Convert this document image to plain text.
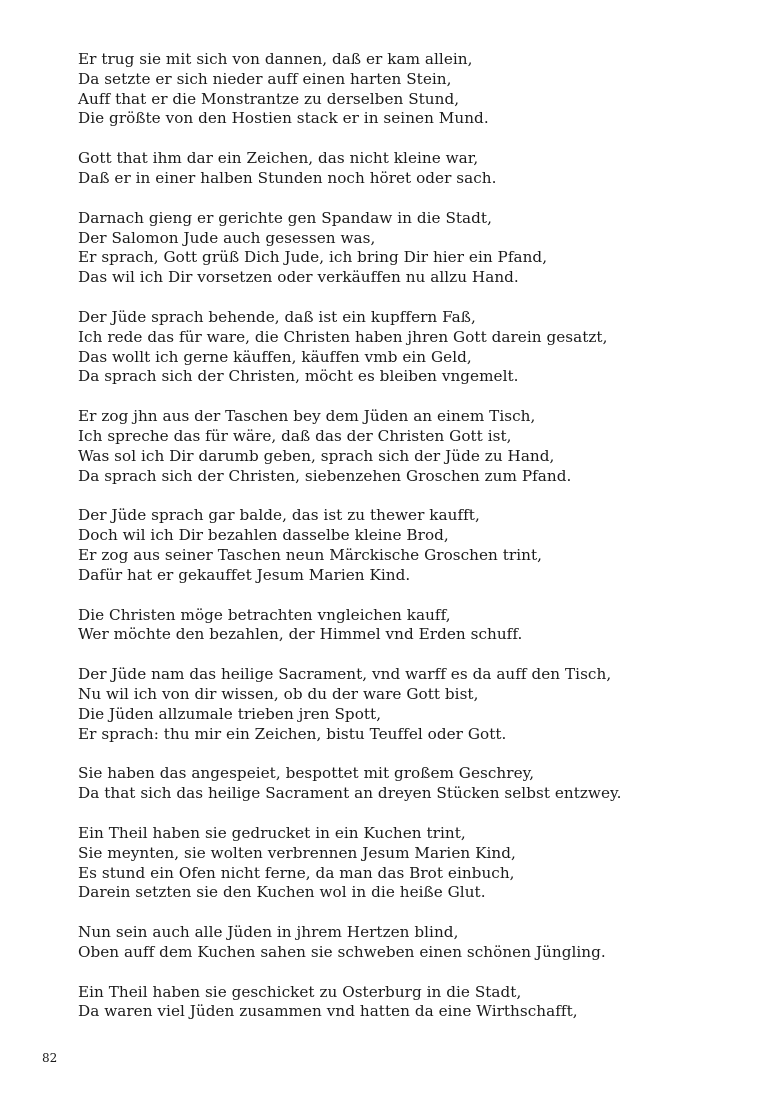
Er trug sie mit sich von dannen, daß er kam allein,
Da setzte er sich nieder auff einen harten Stein,
Auff that er die Monstrantze zu derselben Stund,
Die größte von den Hostien stack er in seinen Mund.
Gott that ihm dar ein Zeichen, das nicht kleine war,
Daß er in einer halben Stunden noch höret oder sach.
Darnach gieng er gerichte gen Spandaw in die Stadt,
Der Salomon Jude auch gesessen was,
Er sprach, Gott grüß Dich Jude, ich bring Dir hier ein Pfand,
Das wil ich Dir vorsetzen oder verkäuffen nu allzu Hand.
Der Jüde sprach behende, daß ist ein kupffern Faß,
Ich rede das für ware, die Christen haben jhren Gott darein gesatzt,
Das wollt ich gerne käuffen, käuffen vmb ein Geld,
Da sprach sich der Christen, möcht es bleiben vngemelt.
Er zog jhn aus der Taschen bey dem Jüden an einem Tisch,
Ich spreche das für wäre, daß das der Christen Gott ist,
Was sol ich Dir darumb geben, sprach sich der Jüde zu Hand,
Da sprach sich der Christen, siebenzehen Groschen zum Pfand.
Der Jüde sprach gar balde, das ist zu thewer kaufft,
Doch wil ich Dir bezahlen dasselbe kleine Brod,
Er zog aus seiner Taschen neun Märckische Groschen trint,
Dafür hat er gekauffet Jesum Marien Kind.
Die Christen möge betrachten vngleichen kauff,
Wer möchte den bezahlen, der Himmel vnd Erden schuff.
Der Jüde nam das heilige Sacrament, vnd warff es da auff den Tisch,
Nu wil ich von dir wissen, ob du der ware Gott bist,
Die Jüden allzumale trieben jren Spott,
Er sprach: thu mir ein Zeichen, bistu Teuffel oder Gott.
Sie haben das angespeiet, bespottet mit großem Geschrey,
Da that sich das heilige Sacrament an dreyen Stücken selbst entzwey.
Ein Theil haben sie gedrucket in ein Kuchen trint,
Sie meynten, sie wolten verbrennen Jesum Marien Kind,
Es stund ein Ofen nicht ferne, da man das Brot einbuch,
Darein setzten sie den Kuchen wol in die heiße Glut.
Nun sein auch alle Jüden in jhrem Hertzen blind,
Oben auff dem Kuchen sahen sie schweben einen schönen Jüngling.
Ein Theil haben sie geschicket zu Osterburg in die Stadt,
Da waren viel Jüden zusammen vnd hatten da eine Wirthschafft,
82
